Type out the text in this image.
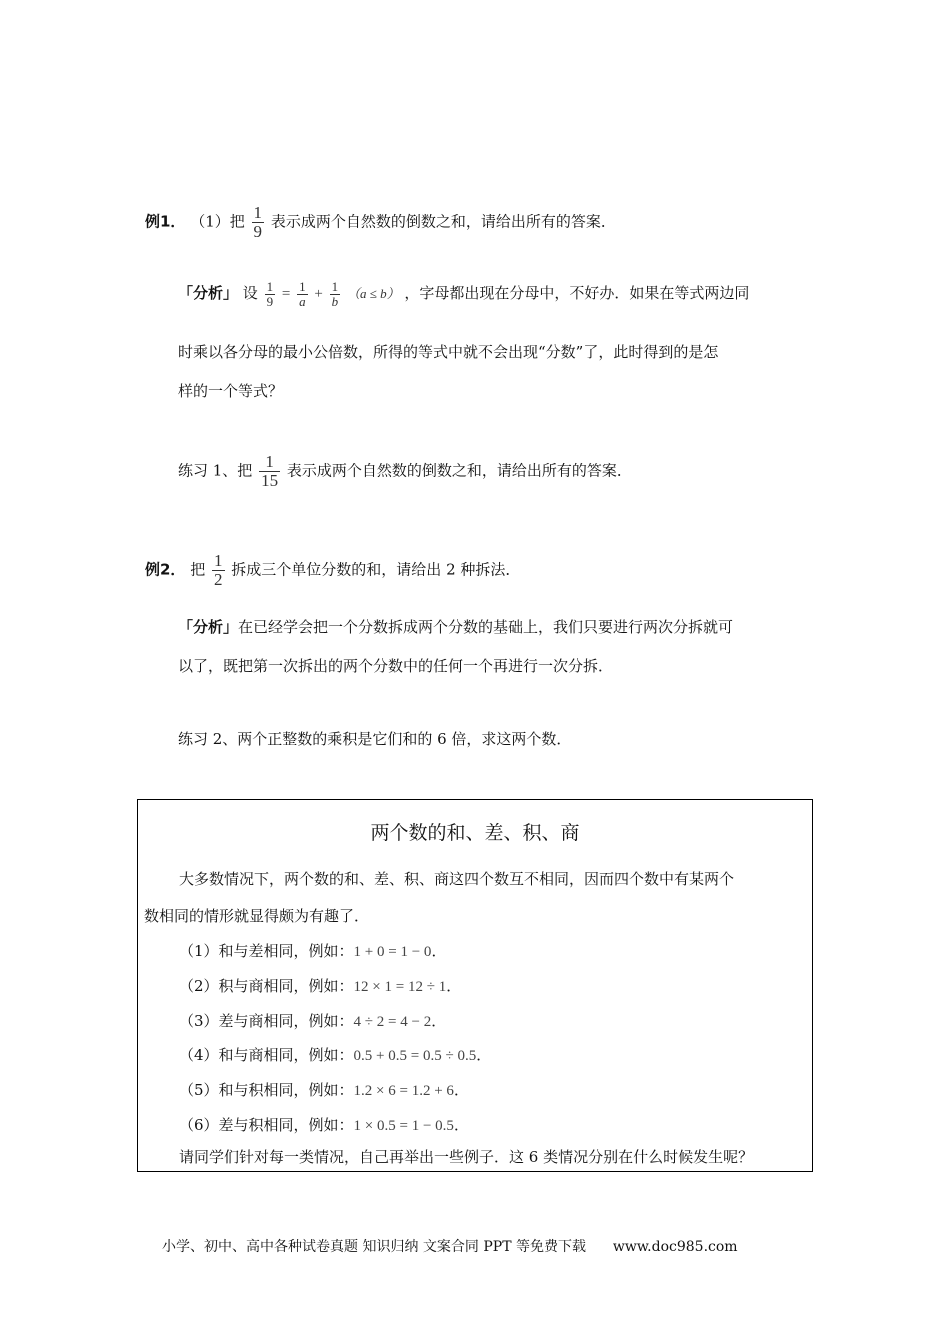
例1． （1）把 $\frac{1}{9}$ 表示成两个自然数的倒数之和，请给出所有的答案．
「分析」 设 $\frac{1}{9} = \frac{1}{a} + \frac{1}{b} (a \le b)$ ，字母都出现在分母中，不好办．如果在等式两边同
时乘以各分母的最小公倍数，所得的等式中就不会出现“分数”了，此时得到的是怎
样的一个等式？
练习 1、把 $\frac{1}{15}$ 表示成两个自然数的倒数之和，请给出所有的答案．
例2． 把 $\frac{1}{2}$ 拆成三个单位分数的和，请给出 2 种拆法．
「分析」在已经学会把一个分数拆成两个分数的基础上，我们只要进行两次分拆就可
以了，既把第一次拆出的两个分数中的任何一个再进行一次分拆．
练习 2、两个正整数的乘积是它们和的 6 倍，求这两个数．
两个数的和、差、积、商
大多数情况下，两个数的和、差、积、商这四个数互不相同，因而四个数中有某两个
数相同的情形就显得颇为有趣了．
（1）和与差相同，例如：1 + 0 = 1 − 0．
（2）积与商相同，例如：12 × 1 = 12 ÷ 1．
（3）差与商相同，例如：4 ÷ 2 = 4 − 2．
（4）和与商相同，例如：0.5 + 0.5 = 0.5 ÷ 0.5．
（5）和与积相同，例如：1.2 × 6 = 1.2 + 6．
（6）差与积相同，例如：1 × 0.5 = 1 − 0.5．
请同学们针对每一类情况，自己再举出一些例子．这 6 类情况分别在什么时候发生呢？
小学、初中、高中各种试卷真题 知识归纳 文案合同 PPT 等免费下载 www.doc985.com
